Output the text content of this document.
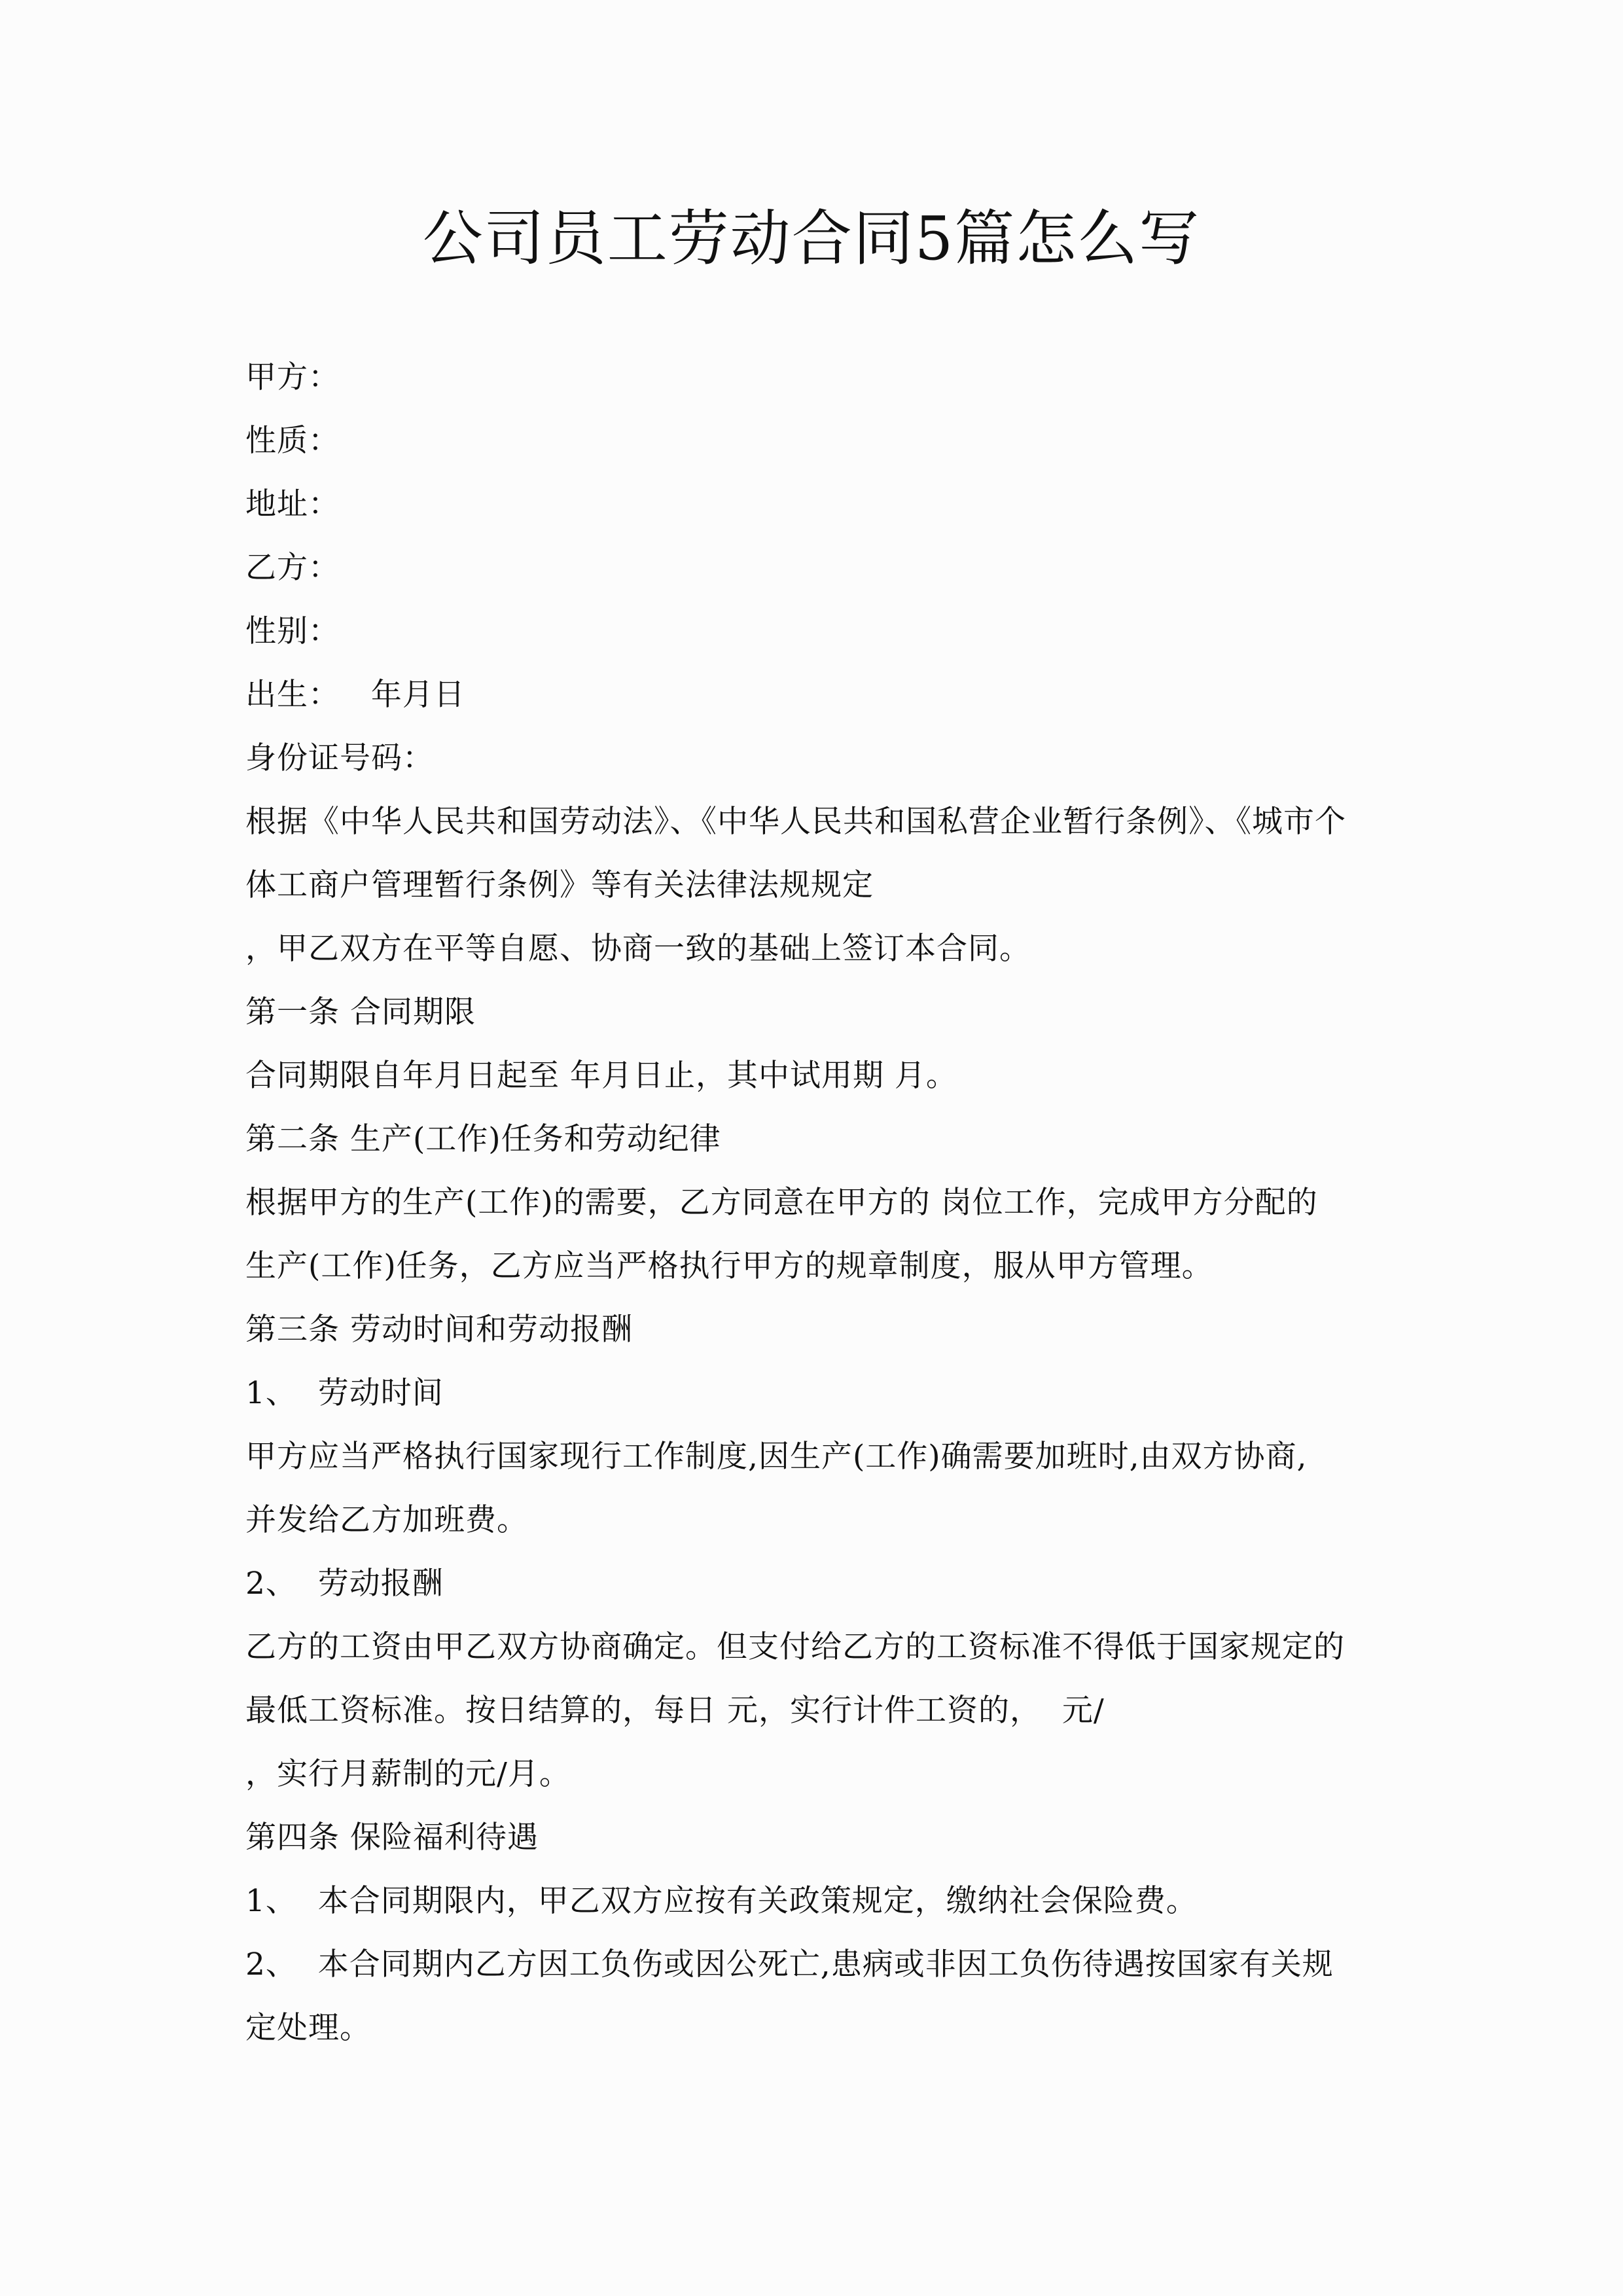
公司员工劳动合同5篇怎么写

甲方：

性质：

地址：

乙方：

性别：

出生：   年月日

身份证号码：

根据《中华人民共和国劳动法》、《中华人民共和国私营企业暂行条例》、《城市个

体工商户管理暂行条例》等有关法律法规规定

，甲乙双方在平等自愿、协商一致的基础上签订本合同。

第一条 合同期限

合同期限自年月日起至 年月日止，其中试用期 月。

第二条 生产(工作)任务和劳动纪律

根据甲方的生产(工作)的需要，乙方同意在甲方的 岗位工作，完成甲方分配的

生产(工作)任务，乙方应当严格执行甲方的规章制度，服从甲方管理。

第三条 劳动时间和劳动报酬

1、  劳动时间

甲方应当严格执行国家现行工作制度,因生产(工作)确需要加班时,由双方协商,

并发给乙方加班费。

2、  劳动报酬

乙方的工资由甲乙双方协商确定。但支付给乙方的工资标准不得低于国家规定的

最低工资标准。按日结算的，每日 元，实行计件工资的，  元/

，实行月薪制的元/月。

第四条 保险福利待遇

1、  本合同期限内，甲乙双方应按有关政策规定，缴纳社会保险费。

2、  本合同期内乙方因工负伤或因公死亡,患病或非因工负伤待遇按国家有关规

定处理。
